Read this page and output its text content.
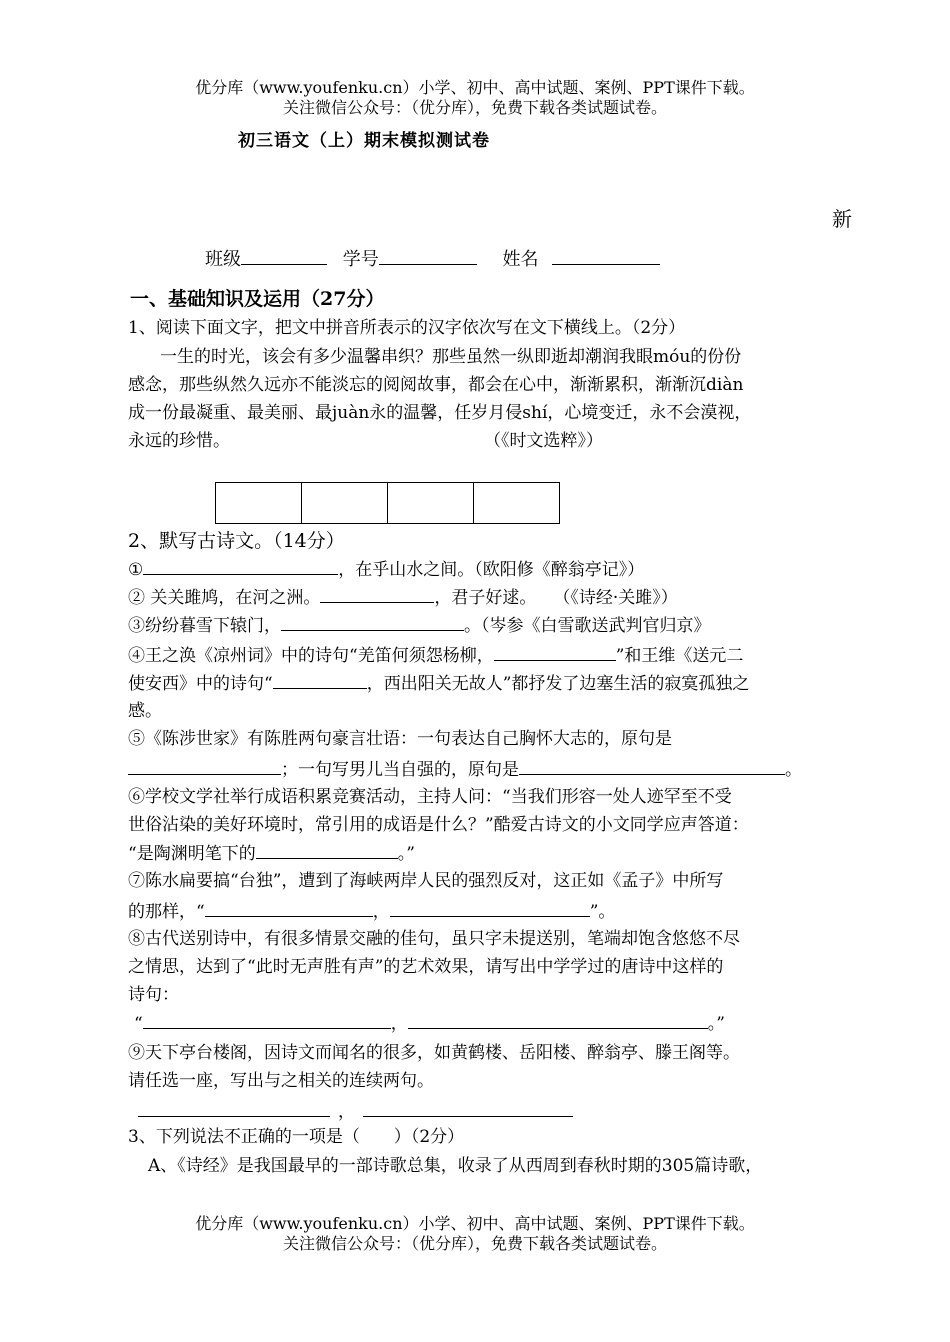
优分库（www.youfenku.cn）小学、初中、高中试题、案例、PPT课件下载。
关注微信公众号：（优分库），免费下载各类试题试卷。
初三语文（上）期末模拟测试卷
新
班级	学号	姓名
一、基础知识及运用（27分）
1、阅读下面文字，把文中拼音所表示的汉字依次写在文下横线上。（2分）
一生的时光，该会有多少温馨串织？那些虽然一纵即逝却潮润我眼móu的份份
感念，那些纵然久远亦不能淡忘的阅阅故事，都会在心中，渐渐累积，渐渐沉diàn
成一份最凝重、最美丽、最juàn永的温馨，任岁月侵shí，心境变迁，永不会漠视，
永远的珍惜。	（《时文选粹》）
2、默写古诗文。（14分）
①	，在乎山水之间。（欧阳修《醉翁亭记》）
② 关关雎鸠，在河之洲。	，君子好逑。　　（《诗经·关雎》）
③纷纷暮雪下辕门，	。（岑参《白雪歌送武判官归京》
④王之涣《凉州词》中的诗句“羌笛何须怨杨柳，	”和王维《送元二
使安西》中的诗句“	，西出阳关无故人”都抒发了边塞生活的寂寞孤独之
感。
⑤《陈涉世家》有陈胜两句豪言壮语：一句表达自己胸怀大志的，原句是
；一句写男儿当自强的，原句是	。
⑥学校文学社举行成语积累竞赛活动，主持人问：“当我们形容一处人迹罕至不受
世俗沾染的美好环境时，常引用的成语是什么？”酷爱古诗文的小文同学应声答道：
“是陶渊明笔下的	。”
⑦陈水扁要搞“台独”，遭到了海峡两岸人民的强烈反对，这正如《孟子》中所写
的那样，“	，	”。
⑧古代送别诗中，有很多情景交融的佳句，虽只字未提送别，笔端却饱含悠悠不尽
之情思，达到了“此时无声胜有声”的艺术效果，请写出中学学过的唐诗中这样的
诗句：
“	，	。”
⑨天下亭台楼阁，因诗文而闻名的很多，如黄鹤楼、岳阳楼、醉翁亭、滕王阁等。
请任选一座，写出与之相关的连续两句。
，
3、下列说法不正确的一项是（　　）（2分）
A、《诗经》是我国最早的一部诗歌总集，收录了从西周到春秋时期的305篇诗歌，
优分库（www.youfenku.cn）小学、初中、高中试题、案例、PPT课件下载。
关注微信公众号：（优分库），免费下载各类试题试卷。
